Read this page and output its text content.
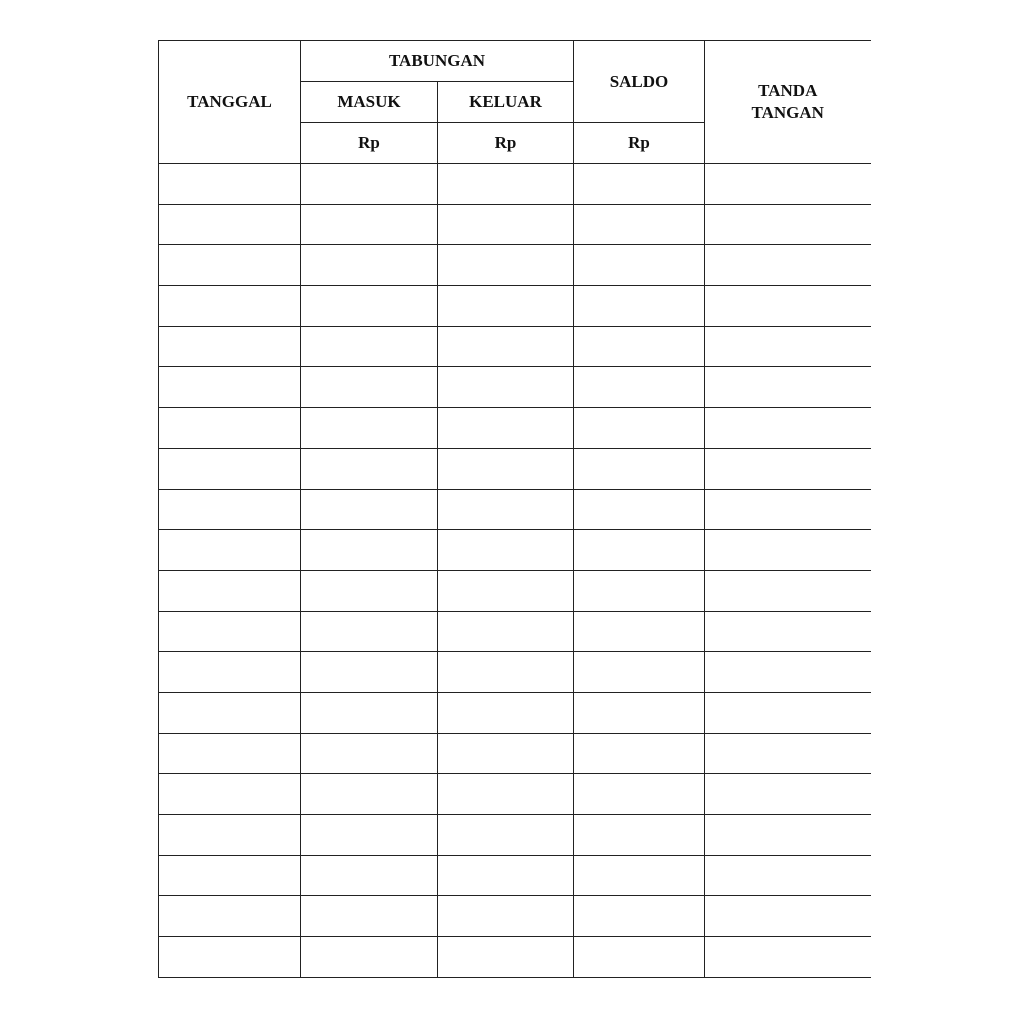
TANGGAL	TABUNGAN		SALDO	TANDA
TANGAN
	MASUK	KELUAR		
	Rp	Rp	Rp	
